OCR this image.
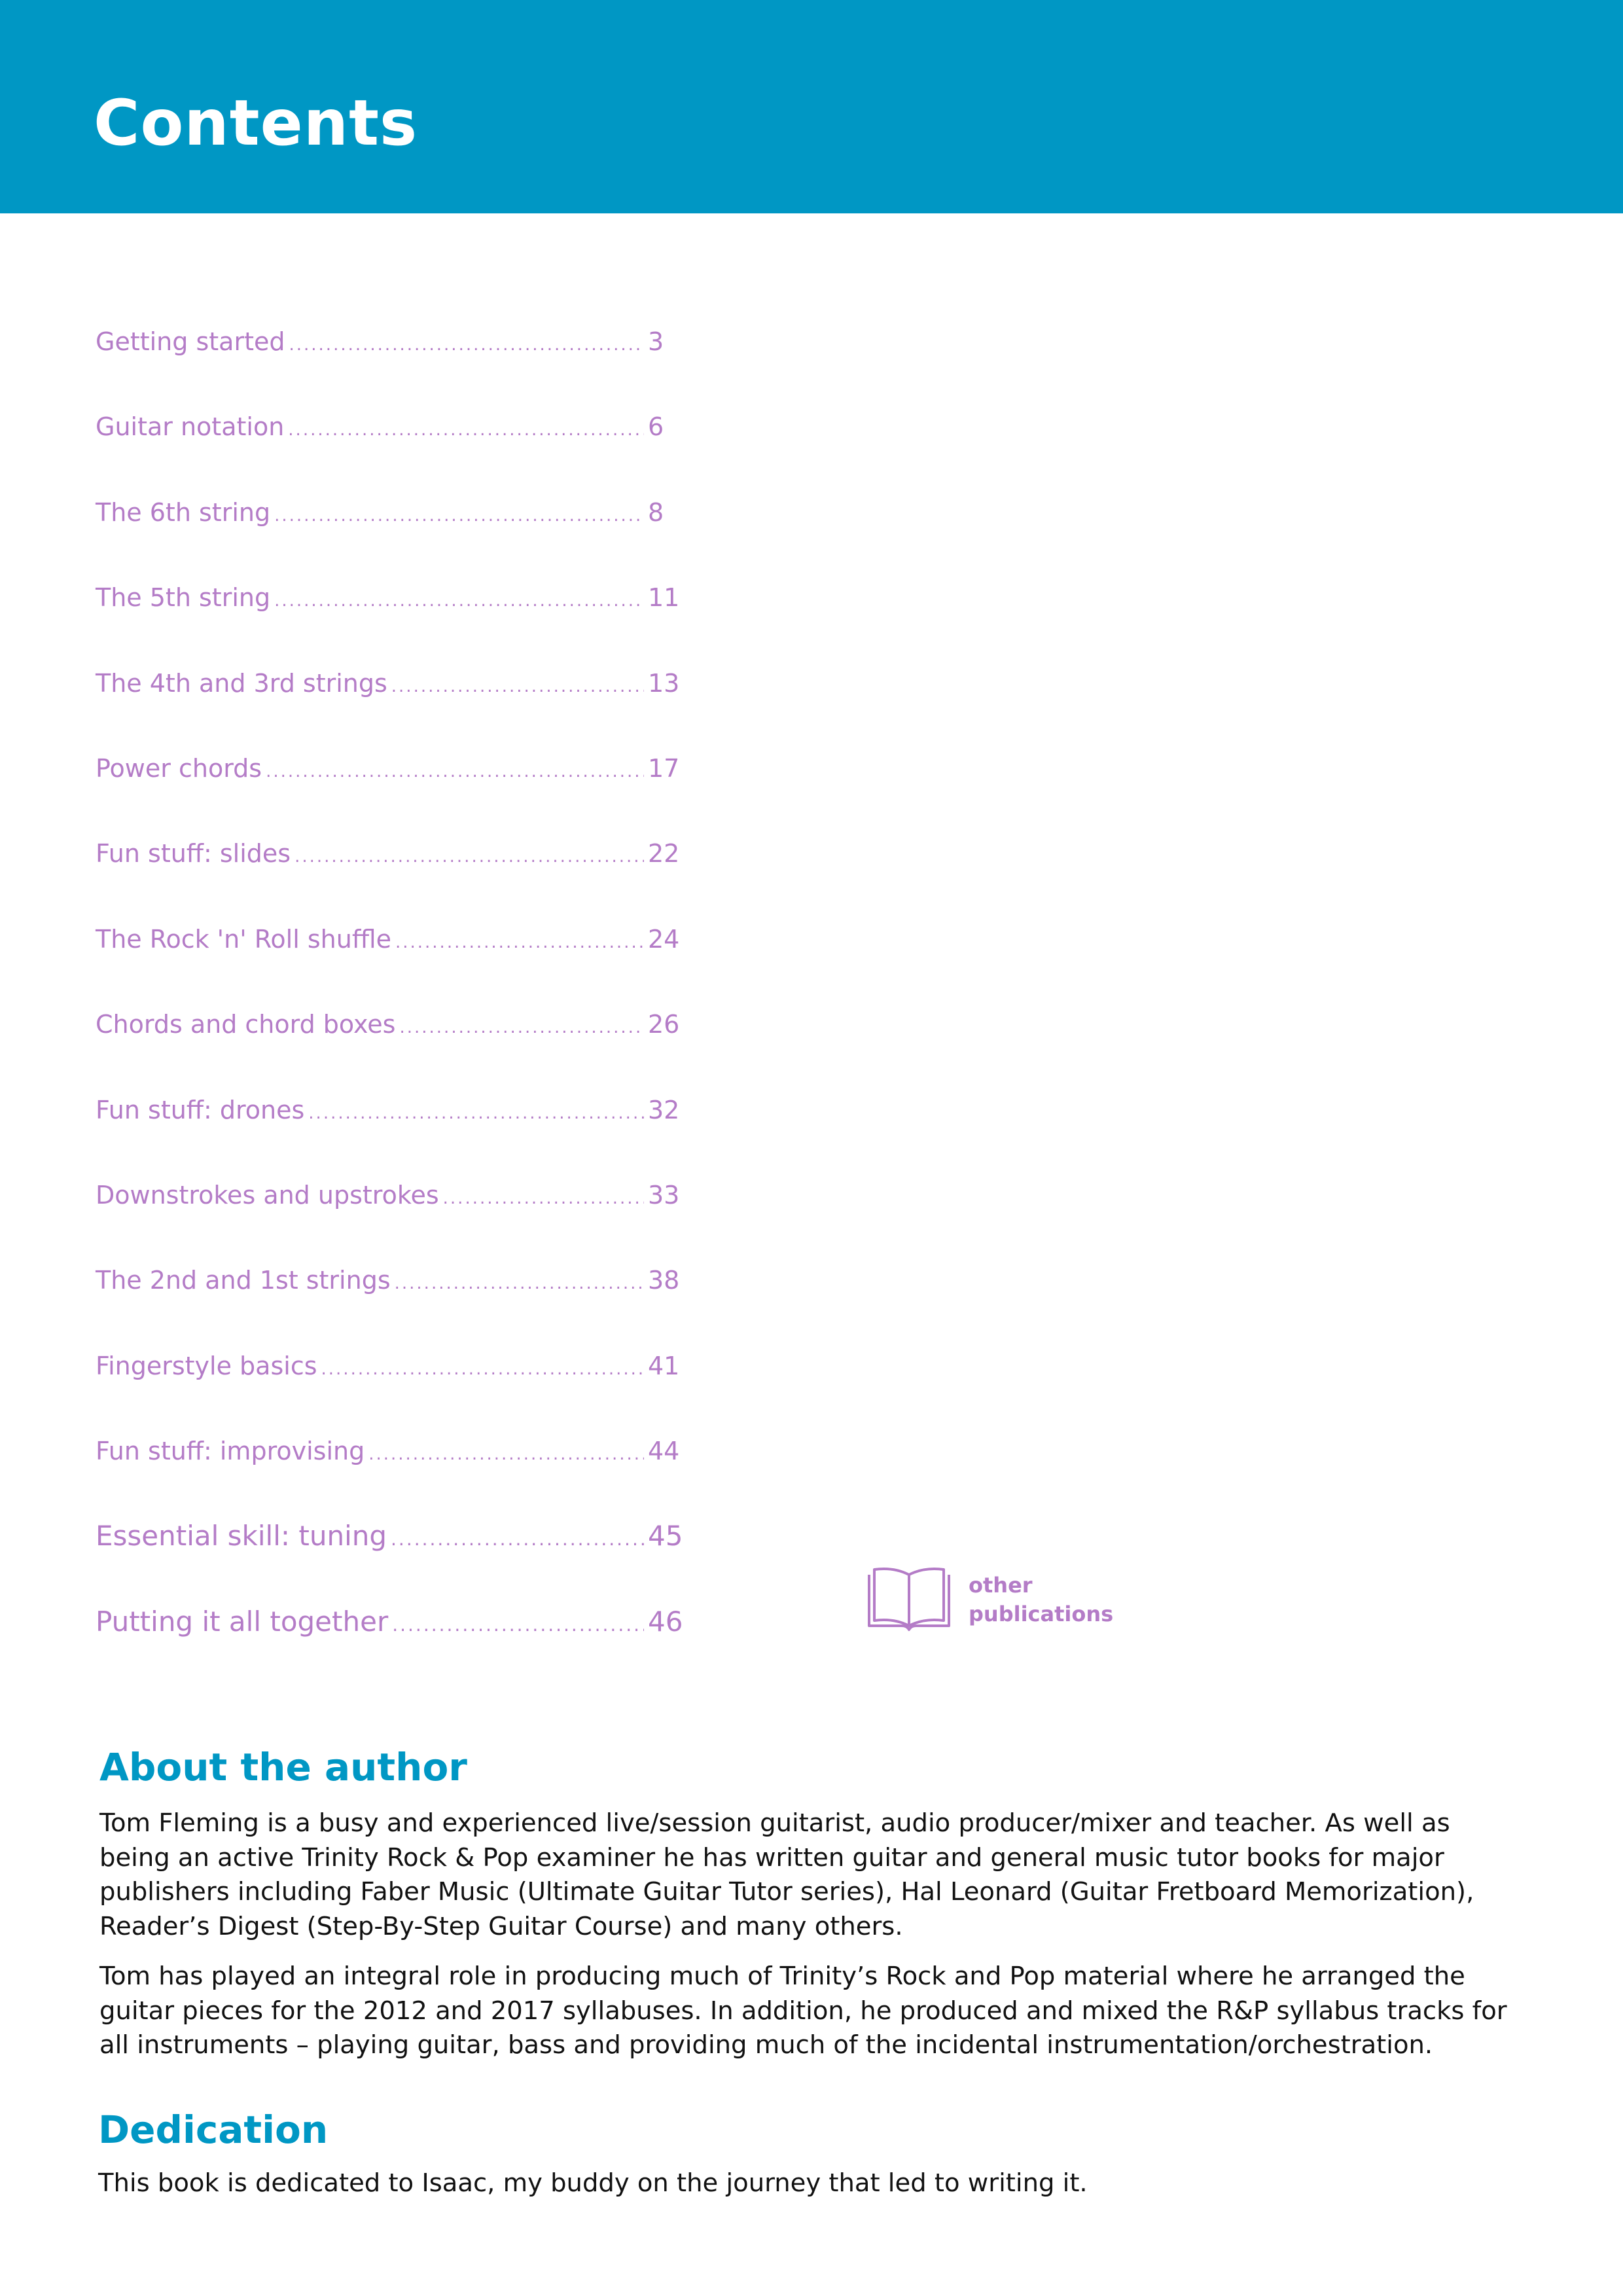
Contents
Getting started .....	3
Guitar notation .....	6
The 6th string .....	8
The 5th string .....	11
The 4th and 3rd strings .....	13
Power chords .....	17
Fun stuff: slides .....	22
The Rock 'n' Roll shuffle .....	24
Chords and chord boxes .....	26
Fun stuff: drones .....	32
Downstrokes and upstrokes .....	33
The 2nd and 1st strings .....	38
Fingerstyle basics .....	41
Fun stuff: improvising .....	44
Essential skill: tuning .....	45
Putting it all together .....	46
other
publications
About the author

Tom Fleming is a busy and experienced live/session guitarist, audio producer/mixer and teacher. As well as being an active Trinity Rock & Pop examiner he has written guitar and general music tutor books for major publishers including Faber Music (Ultimate Guitar Tutor series), Hal Leonard (Guitar Fretboard Memorization), Reader’s Digest (Step-By-Step Guitar Course) and many others.

Tom has played an integral role in producing much of Trinity’s Rock and Pop material where he arranged the guitar pieces for the 2012 and 2017 syllabuses. In addition, he produced and mixed the R&P syllabus tracks for all instruments – playing guitar, bass and providing much of the incidental instrumentation/orchestration.

Dedication

This book is dedicated to Isaac, my buddy on the journey that led to writing it.
